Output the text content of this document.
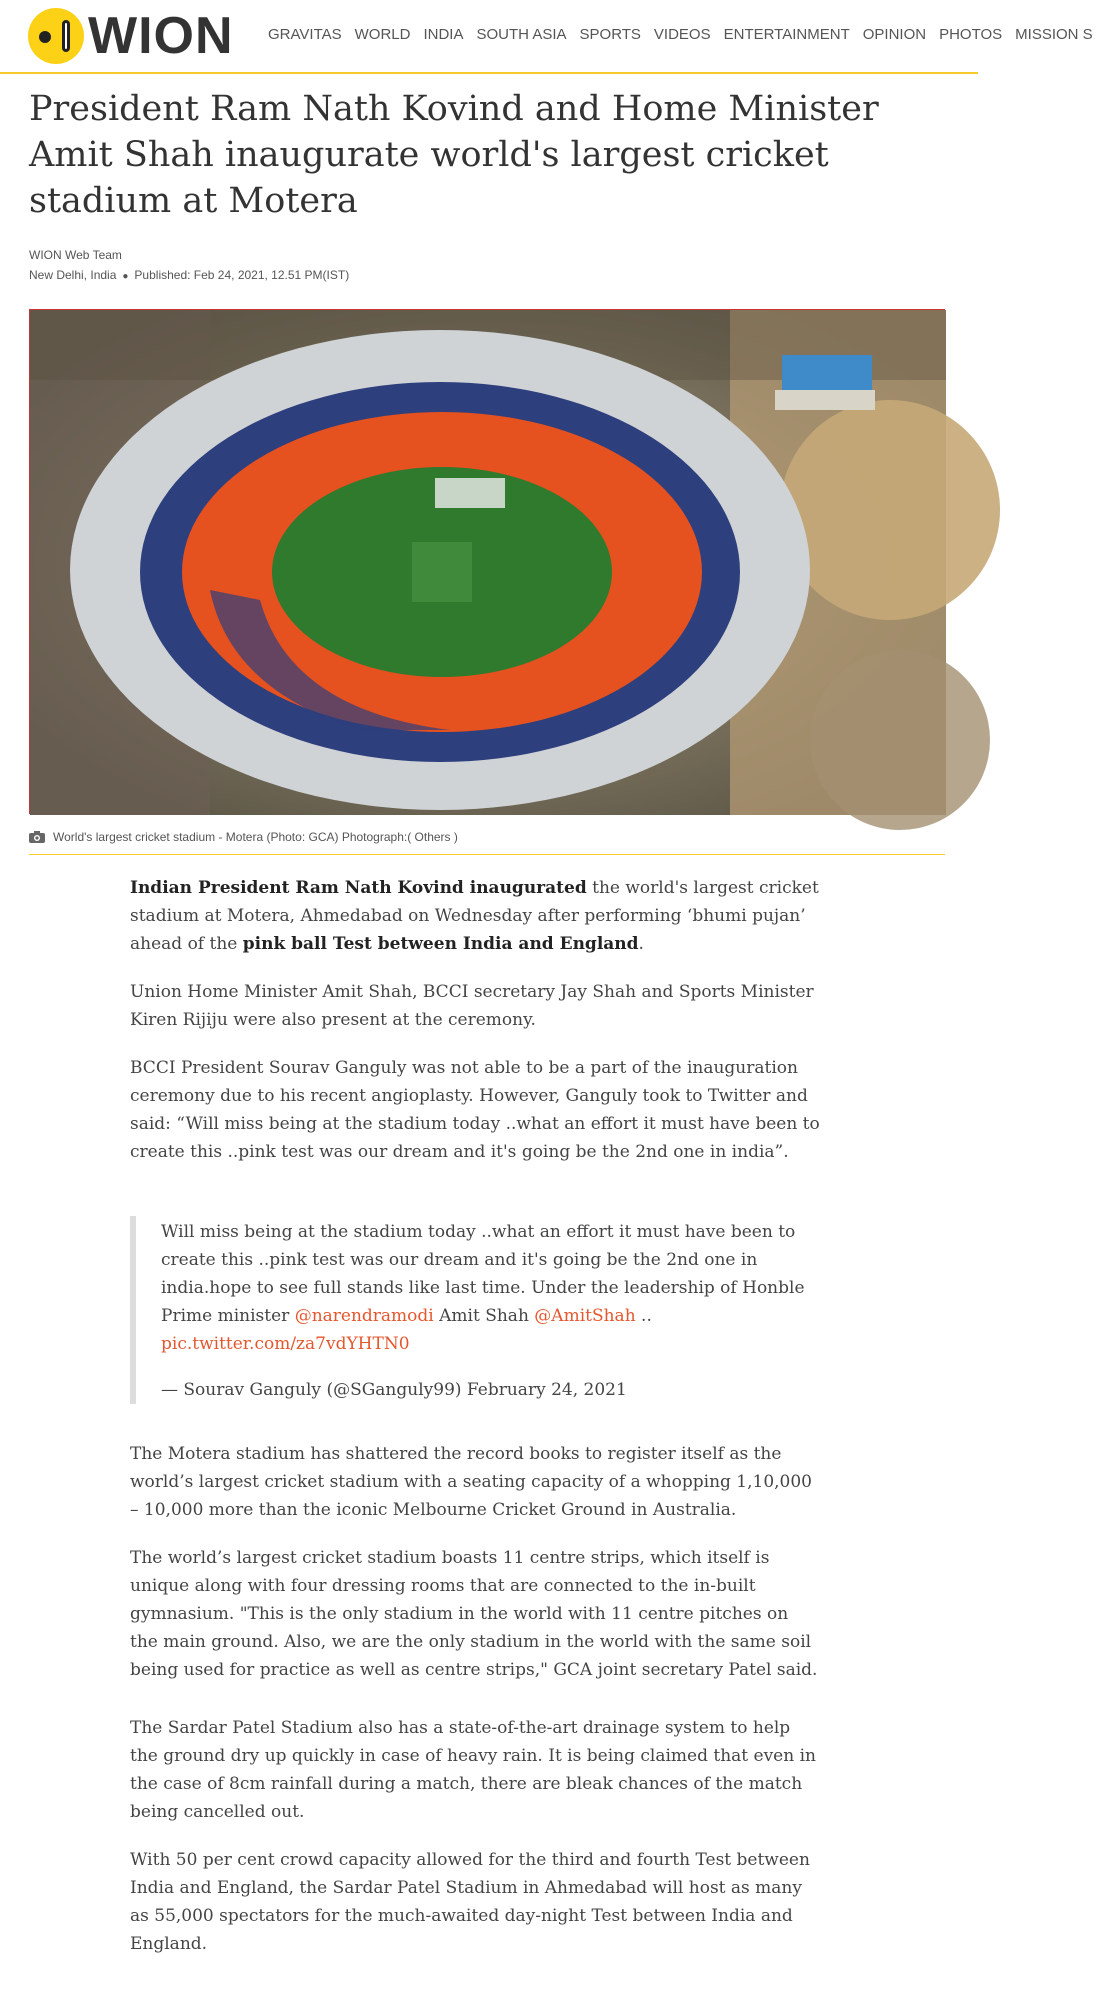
WION GRAVITAS WORLD INDIA SOUTH ASIA SPORTS VIDEOS ENTERTAINMENT OPINION PHOTOS MISSION S
President Ram Nath Kovind and Home Minister Amit Shah inaugurate world's largest cricket stadium at Motera
WION Web Team
New Delhi, India ● Published: Feb 24, 2021, 12.51 PM(IST)
World's largest cricket stadium - Motera (Photo: GCA) Photograph:( Others )

Indian President Ram Nath Kovind inaugurated the world's largest cricket stadium at Motera, Ahmedabad on Wednesday after performing ‘bhumi pujan’ ahead of the pink ball Test between India and England.

Union Home Minister Amit Shah, BCCI secretary Jay Shah and Sports Minister Kiren Rijiju were also present at the ceremony.

BCCI President Sourav Ganguly was not able to be a part of the inauguration ceremony due to his recent angioplasty. However, Ganguly took to Twitter and said: “Will miss being at the stadium today ..what an effort it must have been to create this ..pink test was our dream and it's going be the 2nd one in india”.

Will miss being at the stadium today ..what an effort it must have been to create this ..pink test was our dream and it's going be the 2nd one in india.hope to see full stands like last time. Under the leadership of Honble Prime minister @narendramodi Amit Shah @AmitShah ..
pic.twitter.com/za7vdYHTN0

— Sourav Ganguly (@SGanguly99) February 24, 2021

The Motera stadium has shattered the record books to register itself as the world’s largest cricket stadium with a seating capacity of a whopping 1,10,000 – 10,000 more than the iconic Melbourne Cricket Ground in Australia.

The world’s largest cricket stadium boasts 11 centre strips, which itself is unique along with four dressing rooms that are connected to the in-built gymnasium. "This is the only stadium in the world with 11 centre pitches on the main ground. Also, we are the only stadium in the world with the same soil being used for practice as well as centre strips," GCA joint secretary Patel said.

The Sardar Patel Stadium also has a state-of-the-art drainage system to help the ground dry up quickly in case of heavy rain. It is being claimed that even in the case of 8cm rainfall during a match, there are bleak chances of the match being cancelled out.

With 50 per cent crowd capacity allowed for the third and fourth Test between India and England, the Sardar Patel Stadium in Ahmedabad will host as many as 55,000 spectators for the much-awaited day-night Test between India and England.
